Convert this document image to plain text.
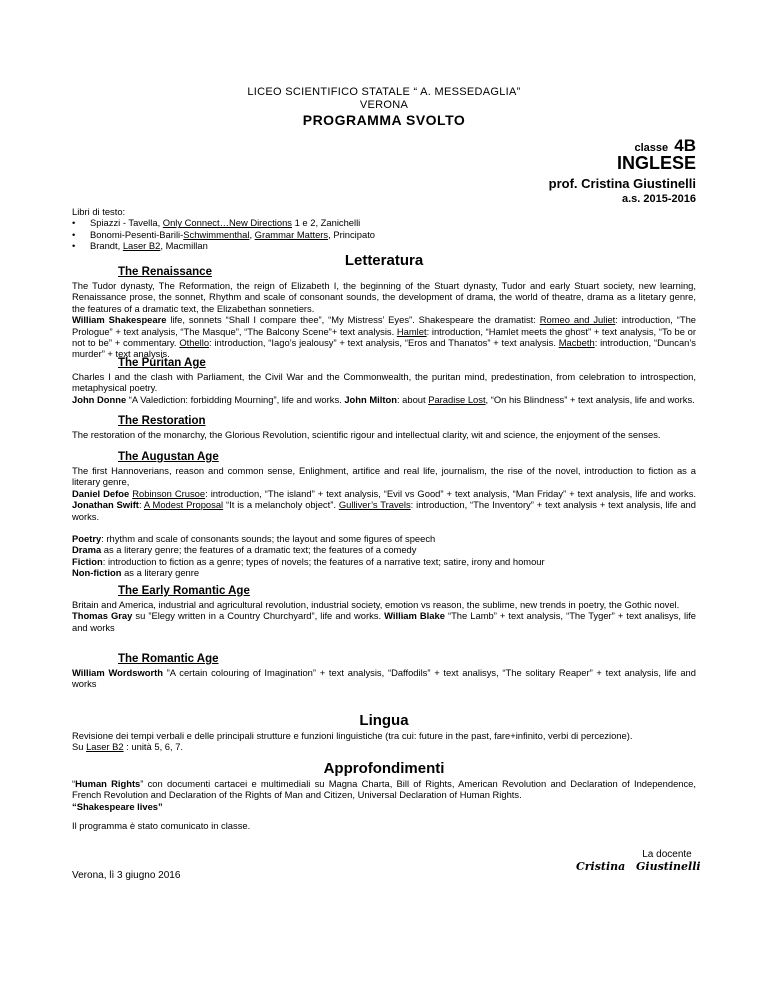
LICEO SCIENTIFICO STATALE “ A. MESSEDAGLIA”
VERONA
PROGRAMMA SVOLTO
classe 4B
INGLESE
prof. Cristina Giustinelli
a.s. 2015-2016
Libri di testo:
• Spiazzi - Tavella, Only Connect…New Directions 1 e 2, Zanichelli
• Bonomi-Pesenti-Barili-Schwimmenthal, Grammar Matters, Principato
• Brandt, Laser B2, Macmillan
Letteratura
The Renaissance

The Tudor dynasty, The Reformation, the reign of Elizabeth I, the beginning of the Stuart dynasty, Tudor and early Stuart society, new learning, Renaissance prose, the sonnet, Rhythm and scale of consonant sounds, the development of drama, the world of theatre, drama as a litetary genre, the features of a dramatic text, the Elizabethan sonnetiers.

William Shakespeare life, sonnets “Shall I compare thee”, “My Mistress’ Eyes”. Shakespeare the dramatist: Romeo and Juliet: introduction, “The Prologue” + text analysis, “The Masque”, “The Balcony Scene”+ text analysis. Hamlet: introduction, “Hamlet meets the ghost” + text analysis, “To be or not to be” + commentary. Othello: introduction, “Iago’s jealousy” + text analysis, “Eros and Thanatos” + text analysis. Macbeth: introduction, “Duncan’s murder” + text analysis.

The Puritan Age

Charles I and the clash with Parliament, the Civil War and the Commonwealth, the puritan mind, predestination, from celebration to introspection, metaphysical poetry.

John Donne “A Valediction: forbidding Mourning”, life and works. John Milton: about Paradise Lost, “On his Blindness” + text analysis, life and works.

The Restoration

The restoration of the monarchy, the Glorious Revolution, scientific rigour and intellectual clarity, wit and science, the enjoyment of the senses.

The Augustan Age

The first Hannoverians, reason and common sense, Enlighment, artifice and real life, journalism, the rise of the novel, introduction to fiction as a literary genre,

Daniel Defoe Robinson Crusoe: introduction, “The island” + text analysis, “Evil vs Good” + text analysis, “Man Friday” + text analysis, life and works. Jonathan Swift: A Modest Proposal “It is a melancholy object”. Gulliver’s Travels: introduction, “The Inventory” + text analysis + text analysis, life and works.

Poetry: rhythm and scale of consonants sounds; the layout and some figures of speech

Drama as a literary genre; the features of a dramatic text; the features of a comedy

Fiction: introduction to fiction as a genre; types of novels; the features of a narrative text; satire, irony and homour

Non-fiction as a literary genre

The Early Romantic Age

Britain and America, industrial and agricultural revolution, industrial society, emotion vs reason, the sublime, new trends in poetry, the Gothic novel.

Thomas Gray su ”Elegy written in a Country Churchyard”, life and works. William Blake “The Lamb” + text analysis, “The Tyger” + text analisys, life and works

The Romantic Age

William Wordsworth ”A certain colouring of Imagination” + text analysis, “Daffodils” + text analisys, “The solitary Reaper” + text analysis, life and works

Lingua

Revisione dei tempi verbali e delle principali strutture e funzioni linguistiche (tra cui: future in the past, fare+infinito, verbi di percezione).

Su Laser B2 : unità 5, 6, 7.

Approfondimenti

“Human Rights” con documenti cartacei e multimediali su Magna Charta, Bill of Rights, American Revolution and Declaration of Independence, French Revolution and Declaration of the Rights of Man and Citizen, Universal Declaration of Human Rights.

“Shakespeare lives”

Il programma è stato comunicato in classe.
La docente
Cristina Giustinelli
Verona, lì 3 giugno 2016
